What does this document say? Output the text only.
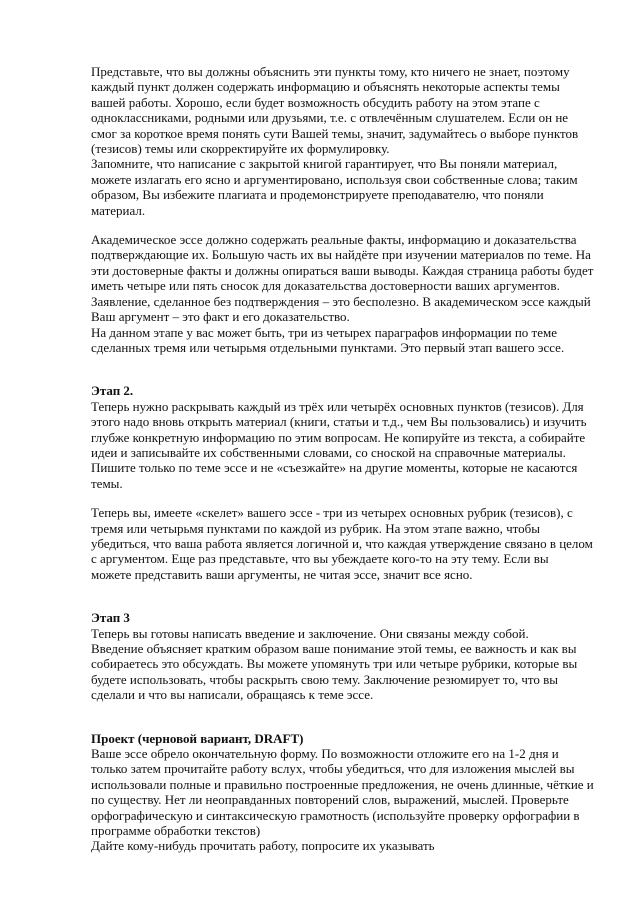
Представьте, что вы должны объяснить эти пункты тому, кто ничего не знает, поэтому
каждый пункт должен содержать информацию и объяснять некоторые аспекты темы
вашей работы. Хорошо, если будет возможность обсудить работу на этом этапе с
одноклассниками, родными или друзьями, т.е. с отвлечённым слушателем. Если он не
смог за короткое время понять сути Вашей темы, значит, задумайтесь о выборе пунктов
(тезисов) темы или скорректируйте их формулировку.
Запомните, что написание с закрытой книгой гарантирует, что Вы поняли материал,
можете излагать его ясно и аргументировано, используя свои собственные слова; таким
образом, Вы избежите плагиата и продемонстрируете преподавателю, что поняли
материал.
Академическое эссе должно содержать реальные факты, информацию и доказательства
подтверждающие их. Большую часть их вы найдёте при изучении материалов по теме. На
эти достоверные факты и должны опираться ваши выводы. Каждая страница работы будет
иметь четыре или пять сносок для доказательства достоверности ваших аргументов.
Заявление, сделанное без подтверждения – это бесполезно. В академическом эссе каждый
Ваш аргумент – это факт и его доказательство.
На данном этапе у вас может быть, три из четырех параграфов информации по теме
сделанных тремя или четырьмя отдельными пунктами. Это первый этап вашего эссе.
Этап 2.
Теперь нужно раскрывать каждый из трёх или четырёх основных пунктов (тезисов). Для
этого надо вновь открыть материал (книги, статьи и т.д., чем Вы пользовались) и изучить
глубже конкретную информацию по этим вопросам. Не копируйте из текста, а собирайте
идеи и записывайте их собственными словами, со сноской на справочные материалы.
Пишите только по теме эссе и не «съезжайте» на другие моменты, которые не касаются
темы.
Теперь вы, имеете «скелет» вашего эссе - три из четырех основных рубрик (тезисов), с
тремя или четырьмя пунктами по каждой из рубрик. На этом этапе важно, чтобы
убедиться, что ваша работа является логичной и, что каждая утверждение связано в целом
с аргументом. Еще раз представьте, что вы убеждаете кого-то на эту тему. Если вы
можете представить ваши аргументы, не читая эссе, значит все ясно.
Этап 3
Теперь вы готовы написать введение и заключение. Они связаны между собой.
Введение объясняет кратким образом ваше понимание этой темы, ее важность и как вы
собираетесь это обсуждать. Вы можете упомянуть три или четыре рубрики, которые вы
будете использовать, чтобы раскрыть свою тему. Заключение резюмирует то, что вы
сделали и что вы написали, обращаясь к теме эссе.
Проект (черновой вариант, DRAFT)
Ваше эссе обрело окончательную форму. По возможности отложите его на 1-2 дня и
только затем прочитайте работу вслух, чтобы убедиться, что для изложения мыслей вы
использовали полные и правильно построенные предложения, не очень длинные, чёткие и
по существу. Нет ли неоправданных повторений слов, выражений, мыслей. Проверьте
орфографическую и синтаксическую грамотность (используйте проверку орфографии в
программе обработки текстов)
Дайте кому-нибудь прочитать работу, попросите их указывать
